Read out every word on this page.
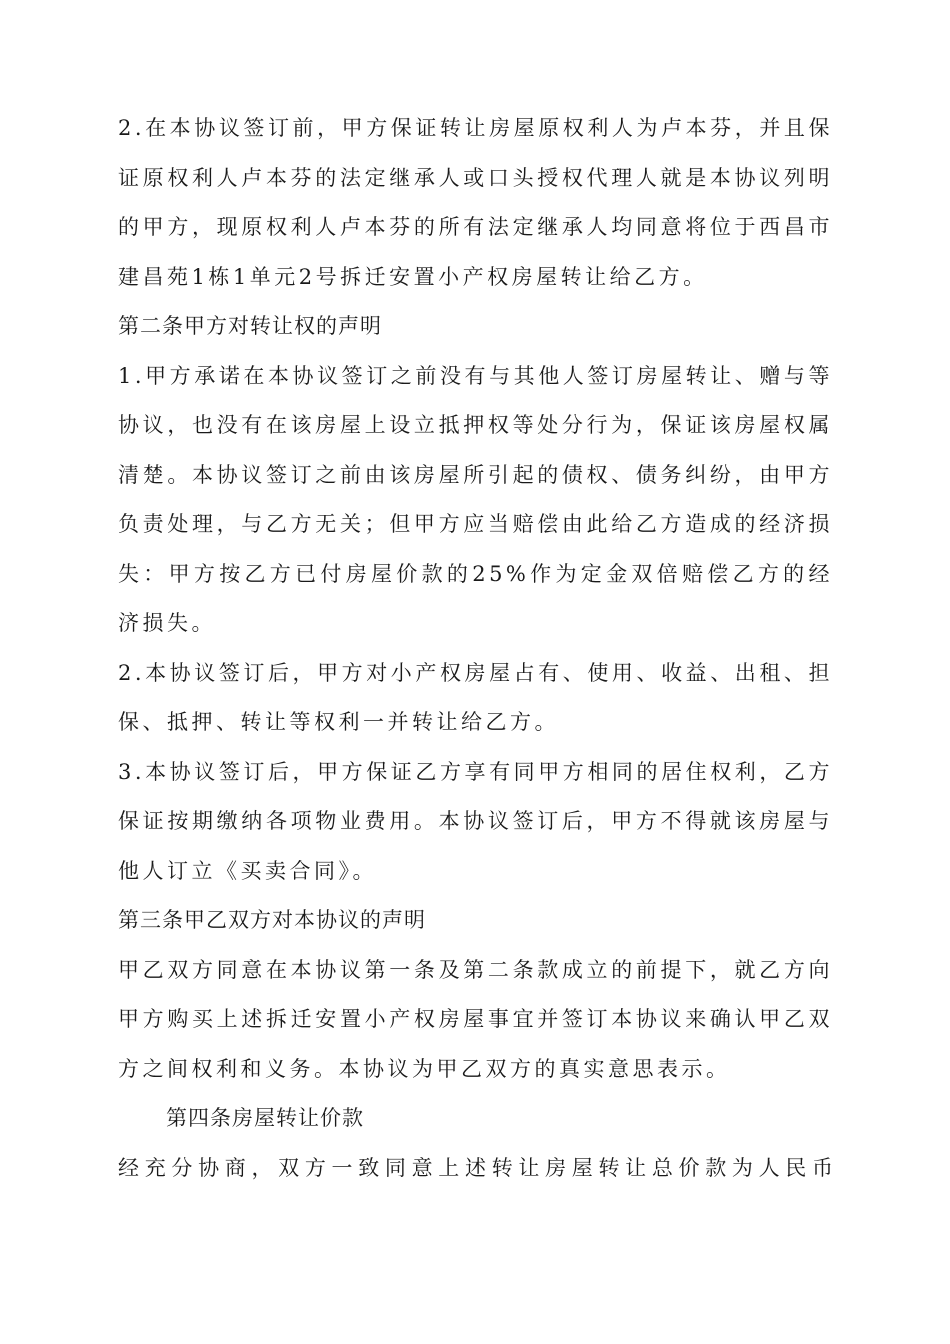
2.在本协议签订前，甲方保证转让房屋原权利人为卢本芬，并且保证原权利人卢本芬的法定继承人或口头授权代理人就是本协议列明的甲方，现原权利人卢本芬的所有法定继承人均同意将位于西昌市建昌苑1栋1单元2号拆迁安置小产权房屋转让给乙方。

第二条甲方对转让权的声明

1.甲方承诺在本协议签订之前没有与其他人签订房屋转让、赠与等协议，也没有在该房屋上设立抵押权等处分行为，保证该房屋权属清楚。本协议签订之前由该房屋所引起的债权、债务纠纷，由甲方负责处理，与乙方无关；但甲方应当赔偿由此给乙方造成的经济损失：甲方按乙方已付房屋价款的25%作为定金双倍赔偿乙方的经济损失。

2.本协议签订后，甲方对小产权房屋占有、使用、收益、出租、担保、抵押、转让等权利一并转让给乙方。

3.本协议签订后，甲方保证乙方享有同甲方相同的居住权利，乙方保证按期缴纳各项物业费用。本协议签订后，甲方不得就该房屋与他人订立《买卖合同》。

第三条甲乙双方对本协议的声明

甲乙双方同意在本协议第一条及第二条款成立的前提下，就乙方向甲方购买上述拆迁安置小产权房屋事宜并签订本协议来确认甲乙双方之间权利和义务。本协议为甲乙双方的真实意思表示。

第四条房屋转让价款

经充分协商，双方一致同意上述转让房屋转让总价款为人民币
